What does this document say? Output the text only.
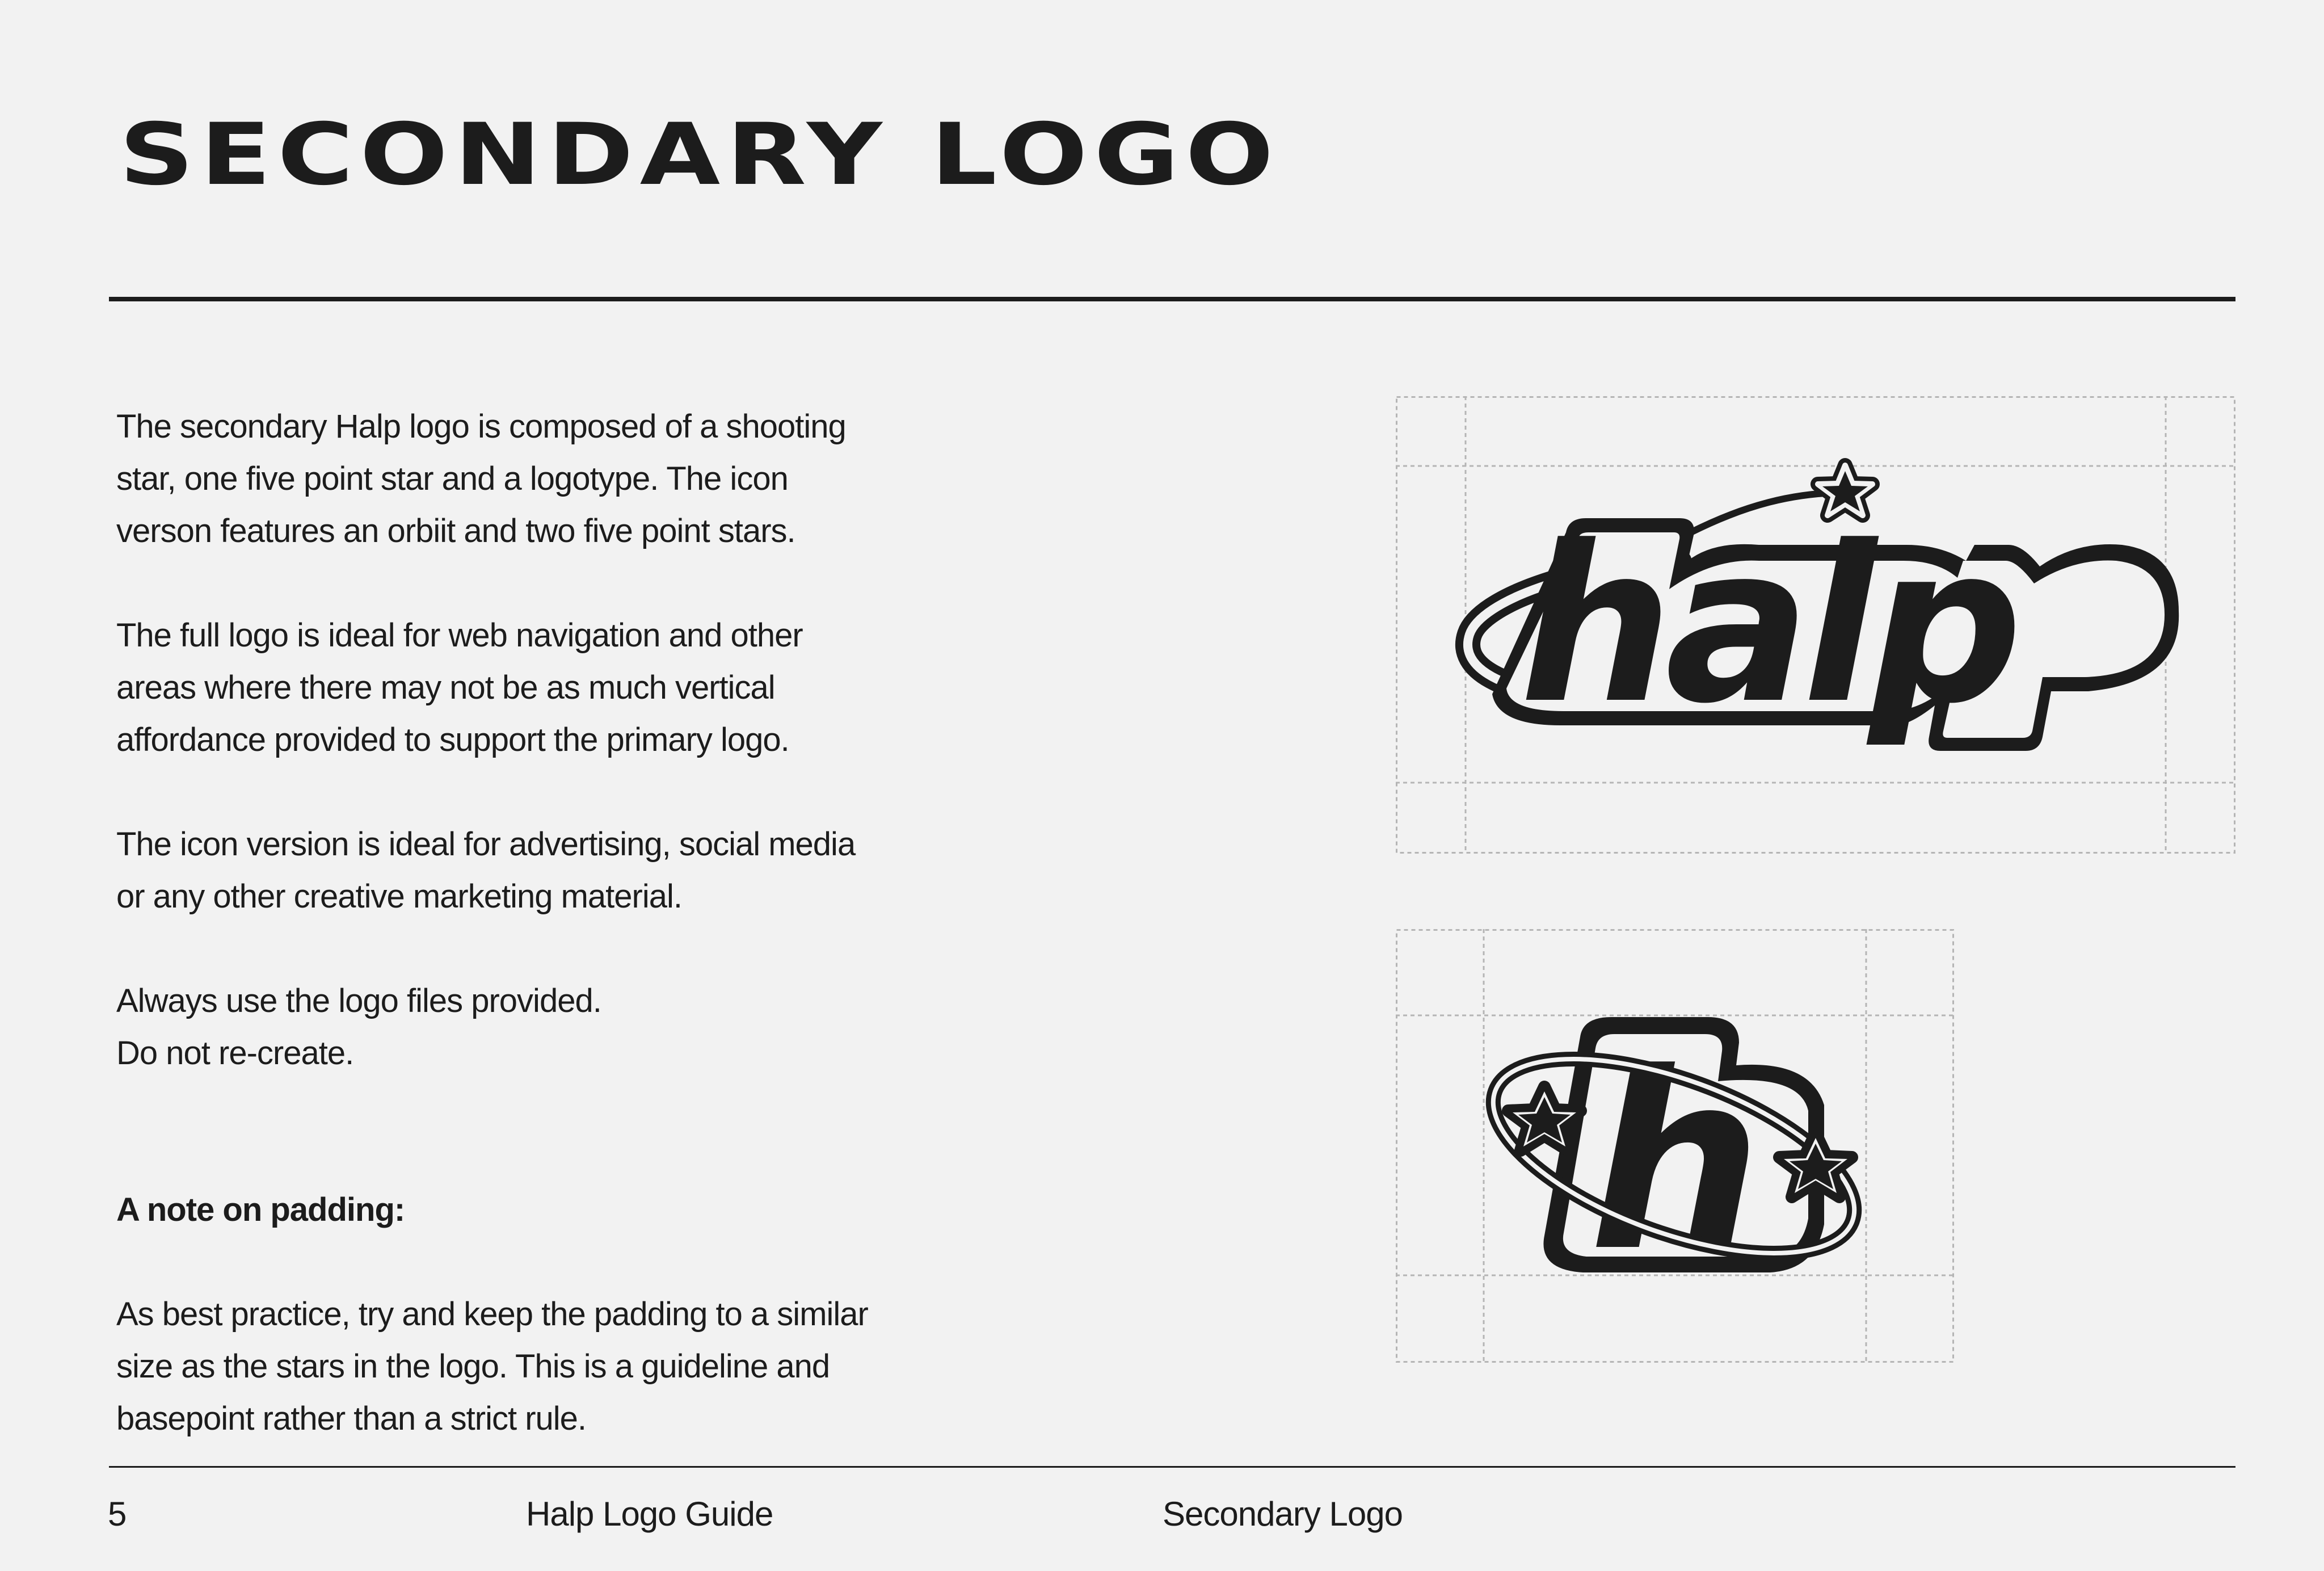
SECONDARY LOGO

The secondary Halp logo is composed of a shooting
star, one five point star and a logotype. The icon
verson features an orbiit and two five point stars.

The full logo is ideal for web navigation and other
areas where there may not be as much vertical
affordance provided to support the primary logo.

The icon version is ideal for advertising, social media
or any other creative marketing material.

Always use the logo files provided.
Do not re-create.

A note on padding:

As best practice, try and keep the padding to a similar
size as the stars in the logo. This is a guideline and
basepoint rather than a strict rule.

halp
h
5	Halp Logo Guide	Secondary Logo
